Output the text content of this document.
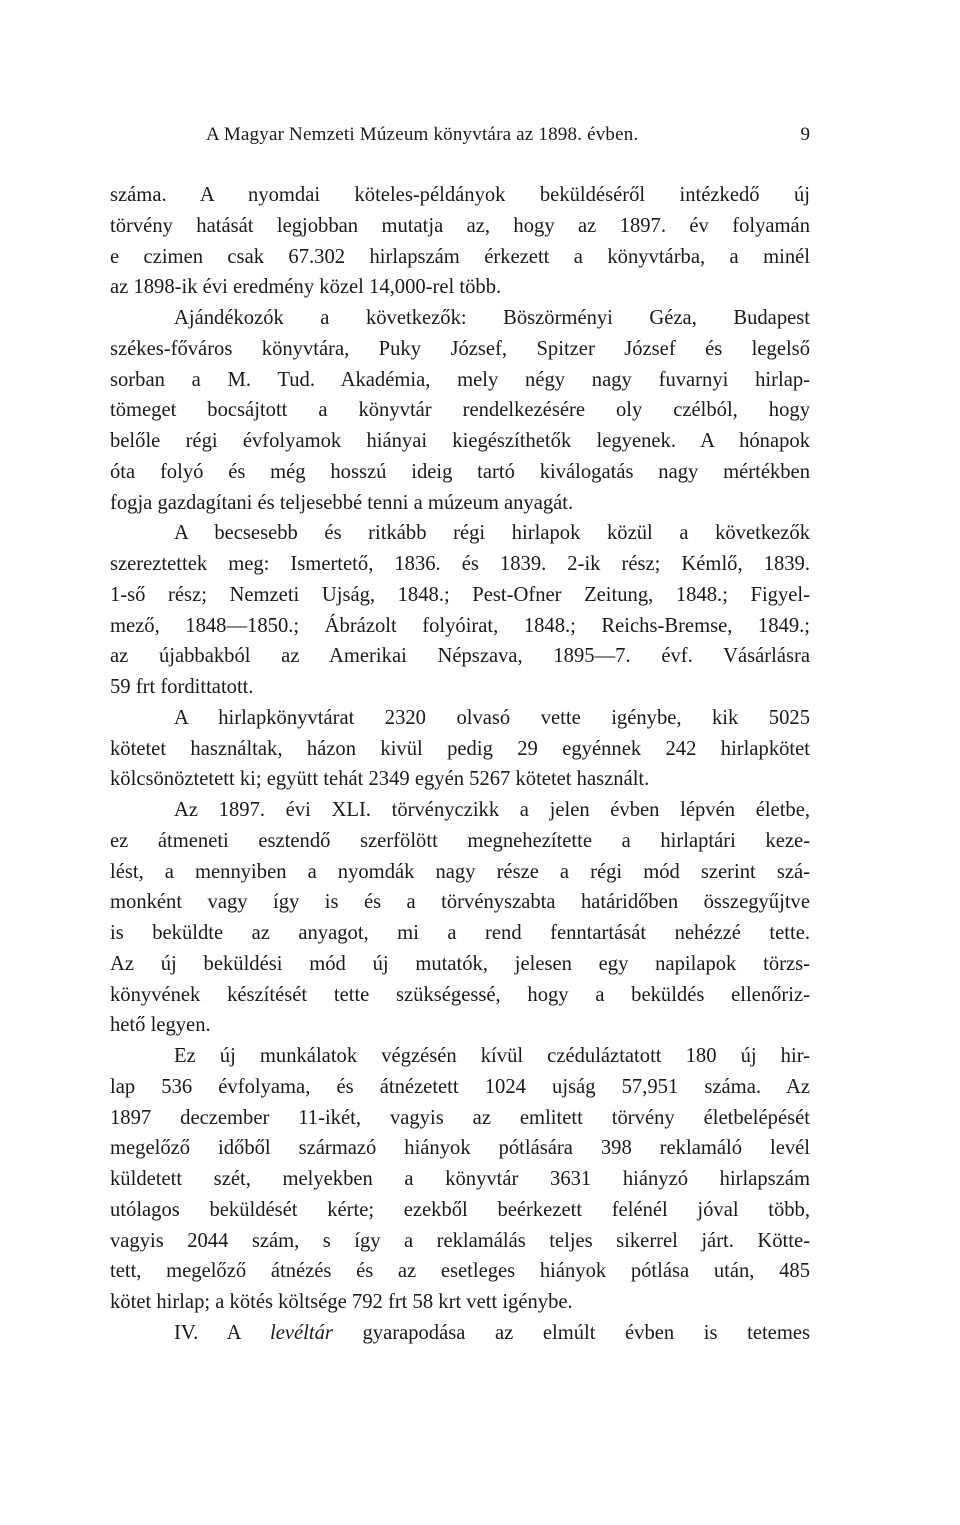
A Magyar Nemzeti Múzeum könyvtára az 1898. évben.	9
száma. A nyomdai köteles-példányok beküldéséről intézkedő új
törvény hatását legjobban mutatja az, hogy az 1897. év folyamán
e czimen csak 67.302 hirlapszám érkezett a könyvtárba, a minél
az 1898-ik évi eredmény közel 14,000-rel több.
Ajándékozók a következők: Böszörményi Géza, Budapest
székes-főváros könyvtára, Puky József, Spitzer József és legelső
sorban a M. Tud. Akadémia, mely négy nagy fuvarnyi hirlap-
tömeget bocsájtott a könyvtár rendelkezésére oly czélból, hogy
belőle régi évfolyamok hiányai kiegészíthetők legyenek. A hónapok
óta folyó és még hosszú ideig tartó kiválogatás nagy mértékben
fogja gazdagítani és teljesebbé tenni a múzeum anyagát.
A becsesebb és ritkább régi hirlapok közül a következők
szereztettek meg: Ismertető, 1836. és 1839. 2-ik rész; Kémlő, 1839.
1-ső rész; Nemzeti Ujság, 1848.; Pest-Ofner Zeitung, 1848.; Figyel-
mező, 1848—1850.; Ábrázolt folyóirat, 1848.; Reichs-Bremse, 1849.;
az újabbakból az Amerikai Népszava, 1895—7. évf. Vásárlásra
59 frt fordittatott.
A hirlapkönyvtárat 2320 olvasó vette igénybe, kik 5025
kötetet használtak, házon kivül pedig 29 egyénnek 242 hirlapkötet
kölcsönöztetett ki; együtt tehát 2349 egyén 5267 kötetet használt.
Az 1897. évi XLI. törvényczikk a jelen évben lépvén életbe,
ez átmeneti esztendő szerfölött megnehezítette a hirlaptári keze-
lést, a mennyiben a nyomdák nagy része a régi mód szerint szá-
monként vagy így is és a törvényszabta határidőben összegyűjtve
is beküldte az anyagot, mi a rend fenntartását nehézzé tette.
Az új beküldési mód új mutatók, jelesen egy napilapok törzs-
könyvének készítését tette szükségessé, hogy a beküldés ellenőriz-
hető legyen.
Ez új munkálatok végzésén kívül czéduláztatott 180 új hir-
lap 536 évfolyama, és átnézetett 1024 ujság 57,951 száma. Az
1897 deczember 11-ikét, vagyis az emlitett törvény életbelépését
megelőző időből származó hiányok pótlására 398 reklamáló levél
küldetett szét, melyekben a könyvtár 3631 hiányzó hirlapszám
utólagos beküldését kérte; ezekből beérkezett felénél jóval több,
vagyis 2044 szám, s így a reklamálás teljes sikerrel járt. Kötte-
tett, megelőző átnézés és az esetleges hiányok pótlása után, 485
kötet hirlap; a kötés költsége 792 frt 58 krt vett igénybe.
IV. A levéltár gyarapodása az elmúlt évben is tetemes
